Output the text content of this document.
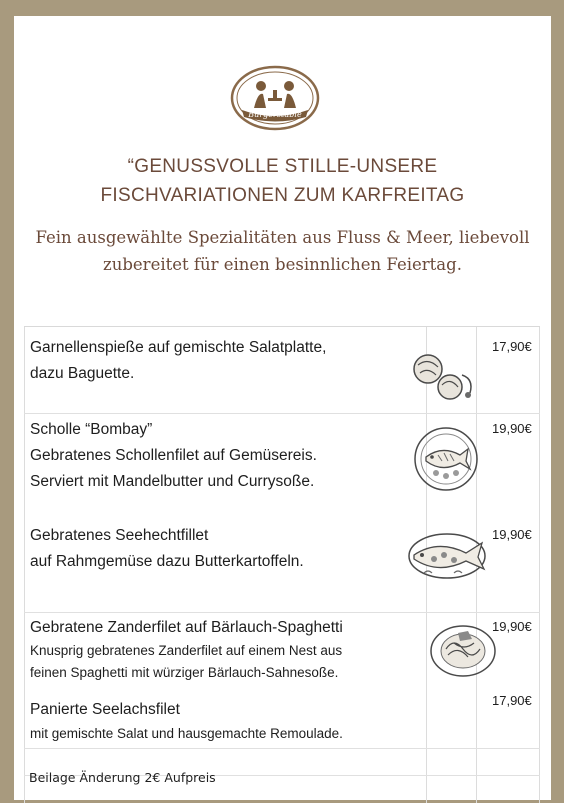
Bürgerstüble
“GENUSSVOLLE STILLE-UNSERE
FISCHVARIATIONEN ZUM KARFREITAG
Fein ausgewählte Spezialitäten aus Fluss & Meer, liebevoll
zubereitet für einen besinnlichen Feiertag.
Garnellenspieße auf gemischte Salatplatte,
dazu Baguette.
17,90€
Scholle “Bombay”
Gebratenes Schollenfilet auf Gemüsereis.
Serviert mit Mandelbutter und Currysoße.
19,90€
Gebratenes Seehechtfillet
auf Rahmgemüse dazu Butterkartoffeln.
19,90€
Gebratene Zanderfilet auf Bärlauch-Spaghetti
Knusprig gebratenes Zanderfilet auf einem Nest aus
feinen Spaghetti mit würziger Bärlauch-Sahnesoße.
19,90€
Panierte Seelachsfilet
mit gemischte Salat und hausgemachte Remoulade.
17,90€
Beilage Änderung 2€ Aufpreis
